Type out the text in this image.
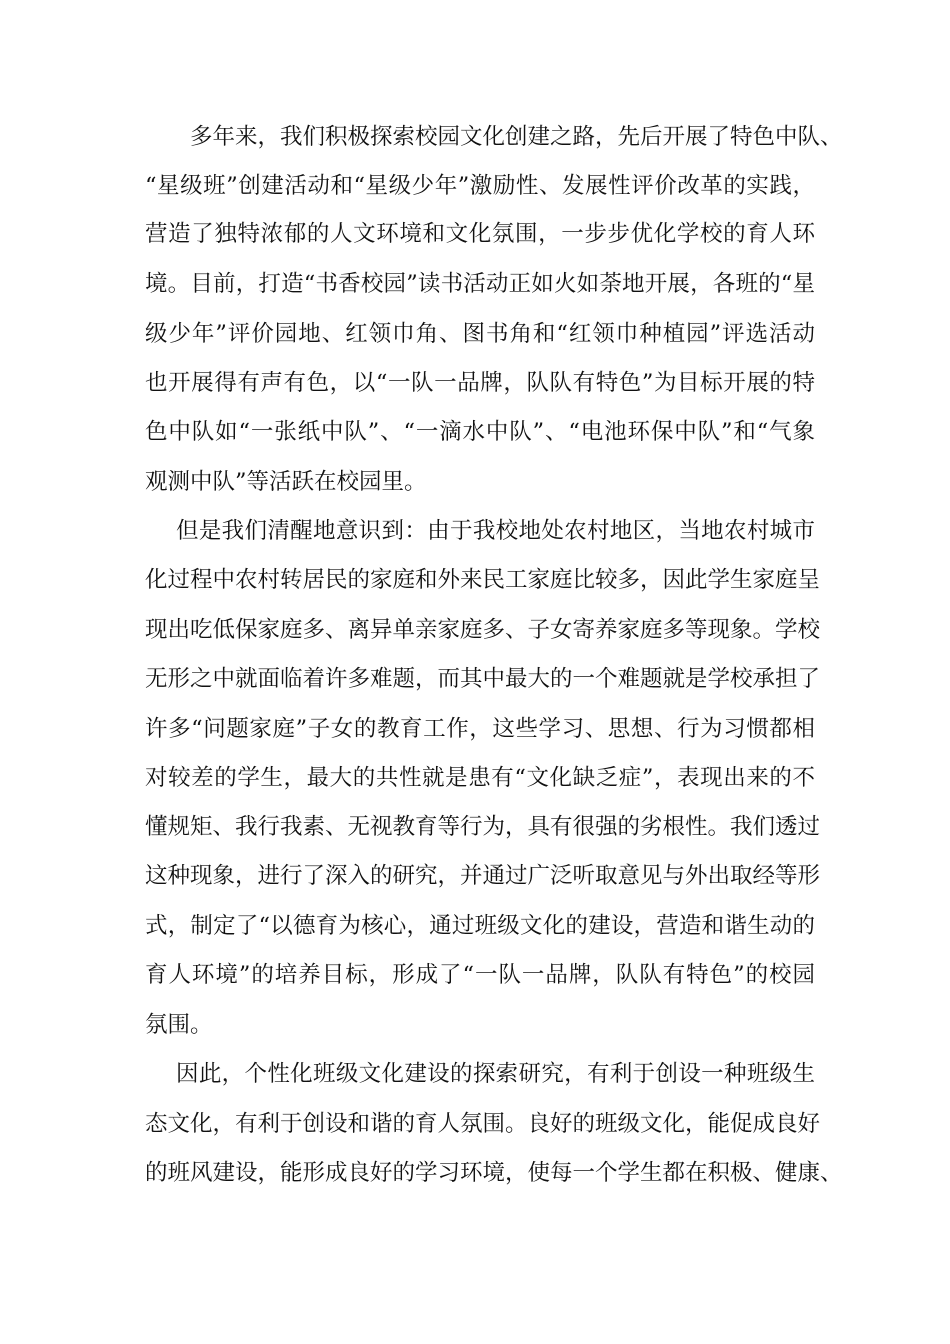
多年来，我们积极探索校园文化创建之路，先后开展了特色中队、

“星级班”创建活动和“星级少年”激励性、发展性评价改革的实践，

营造了独特浓郁的人文环境和文化氛围，一步步优化学校的育人环

境。目前，打造“书香校园”读书活动正如火如荼地开展，各班的“星

级少年”评价园地、红领巾角、图书角和“红领巾种植园”评选活动

也开展得有声有色，以“一队一品牌，队队有特色”为目标开展的特

色中队如“一张纸中队”、“一滴水中队”、“电池环保中队”和“气象

观测中队”等活跃在校园里。

但是我们清醒地意识到：由于我校地处农村地区，当地农村城市

化过程中农村转居民的家庭和外来民工家庭比较多，因此学生家庭呈

现出吃低保家庭多、离异单亲家庭多、子女寄养家庭多等现象。学校

无形之中就面临着许多难题，而其中最大的一个难题就是学校承担了

许多“问题家庭”子女的教育工作，这些学习、思想、行为习惯都相

对较差的学生，最大的共性就是患有“文化缺乏症”，表现出来的不

懂规矩、我行我素、无视教育等行为，具有很强的劣根性。我们透过

这种现象，进行了深入的研究，并通过广泛听取意见与外出取经等形

式，制定了“以德育为核心，通过班级文化的建设，营造和谐生动的

育人环境”的培养目标，形成了“一队一品牌，队队有特色”的校园

氛围。

因此，个性化班级文化建设的探索研究，有利于创设一种班级生

态文化，有利于创设和谐的育人氛围。良好的班级文化，能促成良好

的班风建设，能形成良好的学习环境，使每一个学生都在积极、健康、
